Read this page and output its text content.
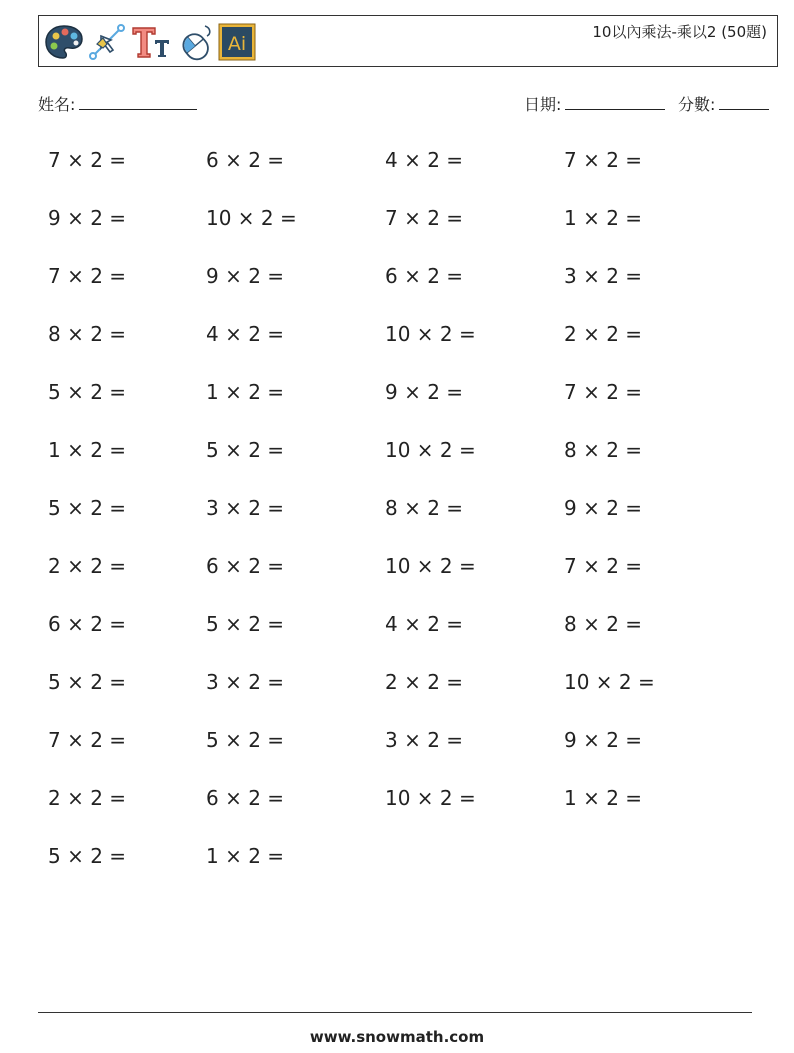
Ai
10以內乘法-乘以2 (50題)
姓名:	日期:	分數:
7 × 2 =	6 × 2 =	4 × 2 =	7 × 2 =
9 × 2 =	10 × 2 =	7 × 2 =	1 × 2 =
7 × 2 =	9 × 2 =	6 × 2 =	3 × 2 =
8 × 2 =	4 × 2 =	10 × 2 =	2 × 2 =
5 × 2 =	1 × 2 =	9 × 2 =	7 × 2 =
1 × 2 =	5 × 2 =	10 × 2 =	8 × 2 =
5 × 2 =	3 × 2 =	8 × 2 =	9 × 2 =
2 × 2 =	6 × 2 =	10 × 2 =	7 × 2 =
6 × 2 =	5 × 2 =	4 × 2 =	8 × 2 =
5 × 2 =	3 × 2 =	2 × 2 =	10 × 2 =
7 × 2 =	5 × 2 =	3 × 2 =	9 × 2 =
2 × 2 =	6 × 2 =	10 × 2 =	1 × 2 =
5 × 2 =	1 × 2 =
www.snowmath.com
